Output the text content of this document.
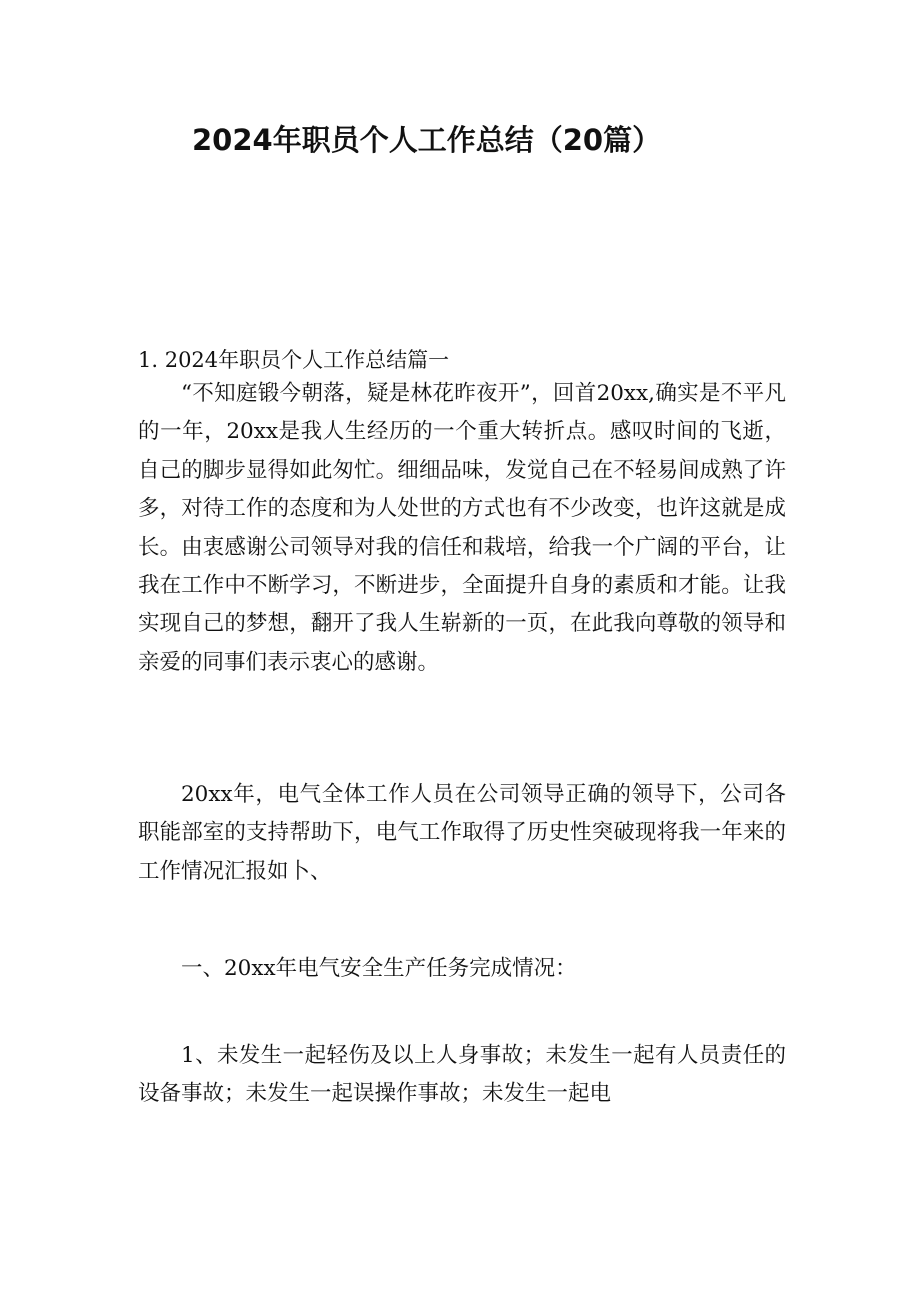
2024年职员个人工作总结（20篇）
1. 2024年职员个人工作总结篇一

“不知庭锻今朝落，疑是林花昨夜开”，回首20xx,确实是不平凡的一年，20xx是我人生经历的一个重大转折点。感叹时间的飞逝，自己的脚步显得如此匆忙。细细品味，发觉自己在不轻易间成熟了许多，对待工作的态度和为人处世的方式也有不少改变，也许这就是成长。由衷感谢公司领导对我的信任和栽培，给我一个广阔的平台，让我在工作中不断学习，不断进步，全面提升自身的素质和才能。让我实现自己的梦想，翻开了我人生崭新的一页，在此我向尊敬的领导和亲爱的同事们表示衷心的感谢。

20xx年，电气全体工作人员在公司领导正确的领导下，公司各职能部室的支持帮助下，电气工作取得了历史性突破现将我一年来的工作情况汇报如卜、

一、20xx年电气安全生产任务完成情况：

1、未发生一起轻伤及以上人身事故；未发生一起有人员责任的设备事故；未发生一起误操作事故；未发生一起电
